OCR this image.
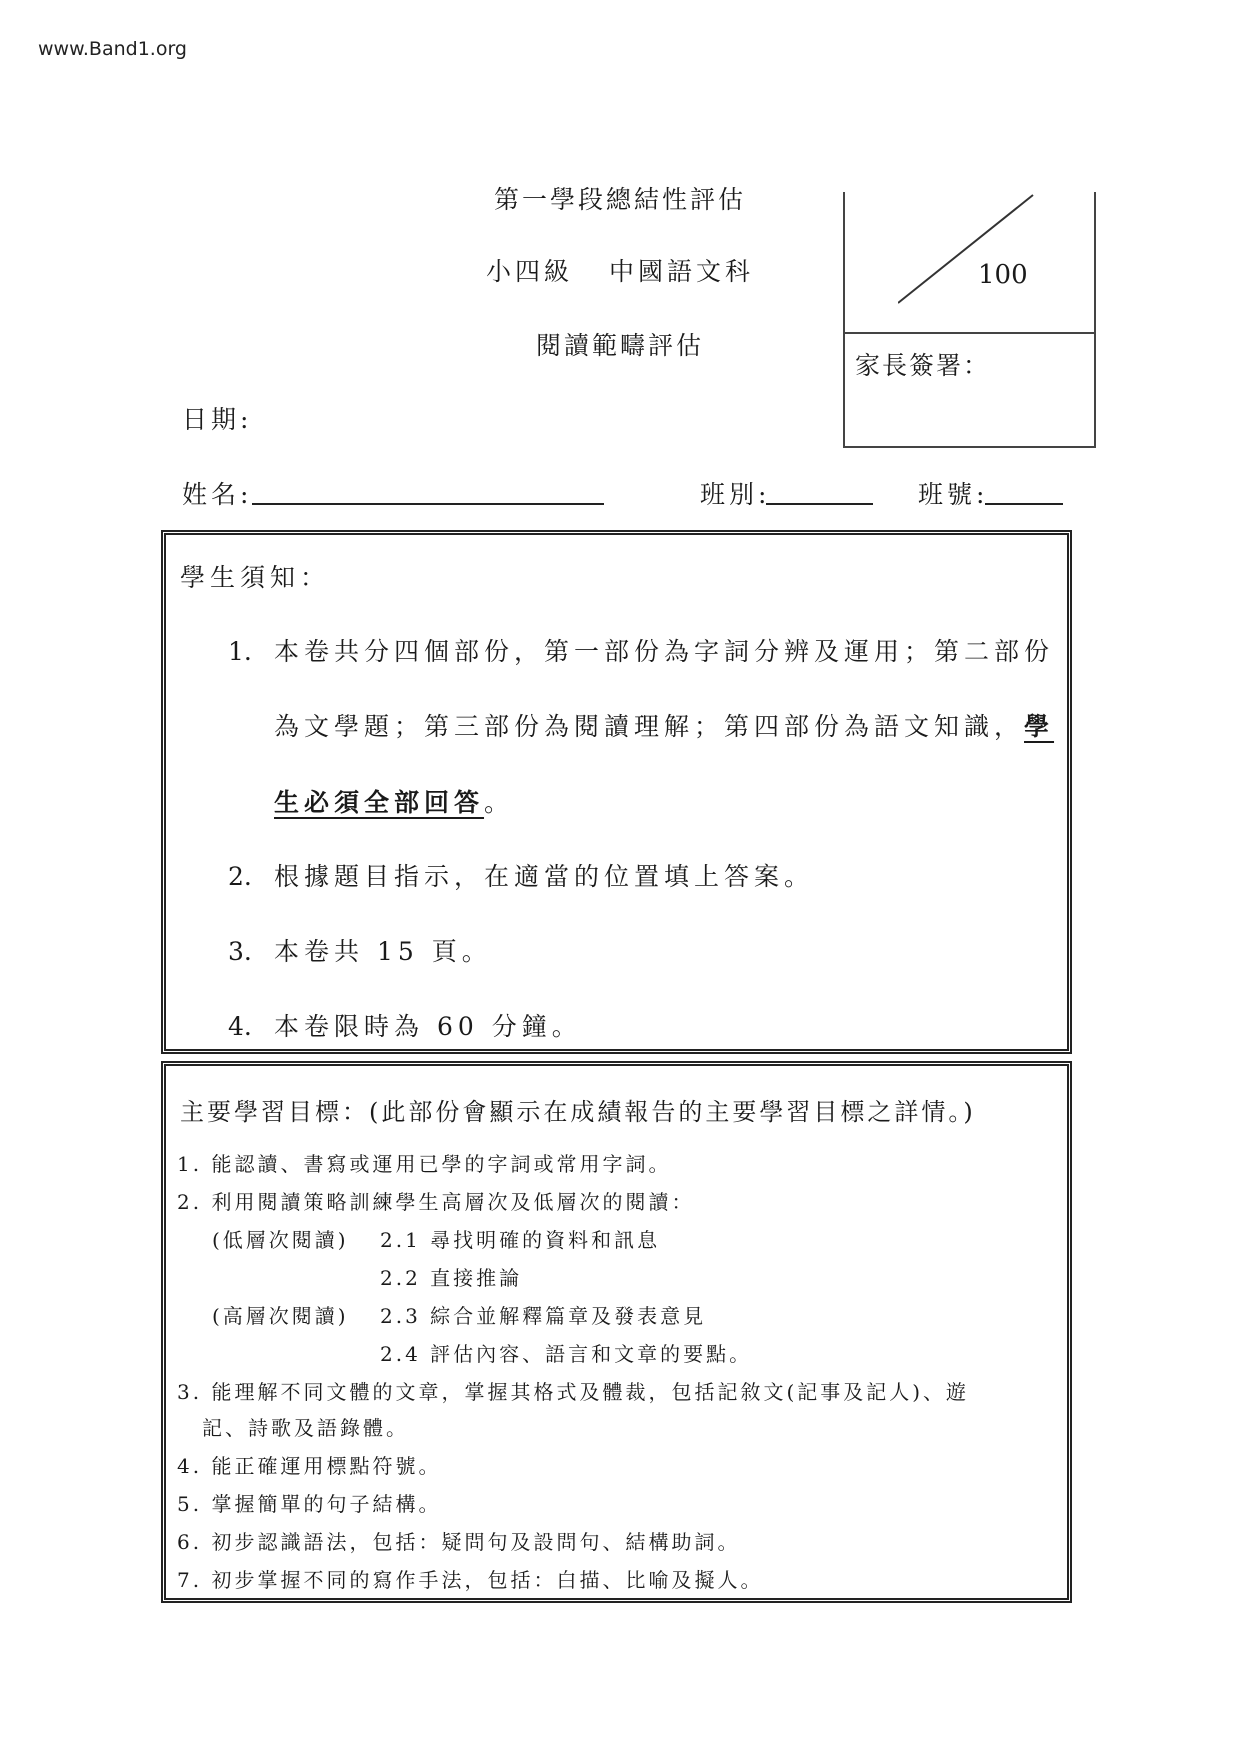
www.Band1.org
第一學段總結性評估
小四級 中國語文科
閱讀範疇評估
100
家長簽署：
日期:
姓名:	班別:	班號:
學生須知：
1. 本卷共分四個部份，第一部份為字詞分辨及運用；第二部份
為文學題；第三部份為閱讀理解；第四部份為語文知識，學
生必須全部回答。
2. 根據題目指示，在適當的位置填上答案。
3. 本卷共 15 頁。
4. 本卷限時為 60 分鐘。
主要學習目標：(此部份會顯示在成績報告的主要學習目標之詳情。)
1. 能認讀、書寫或運用已學的字詞或常用字詞。
2. 利用閱讀策略訓練學生高層次及低層次的閱讀：
(低層次閱讀) 2.1 尋找明確的資料和訊息
2.2 直接推論
(高層次閱讀) 2.3 綜合並解釋篇章及發表意見
2.4 評估內容、語言和文章的要點。
3. 能理解不同文體的文章，掌握其格式及體裁，包括記敘文(記事及記人)、遊
記、詩歌及語錄體。
4. 能正確運用標點符號。
5. 掌握簡單的句子結構。
6. 初步認識語法，包括：疑問句及設問句、結構助詞。
7. 初步掌握不同的寫作手法，包括：白描、比喻及擬人。
